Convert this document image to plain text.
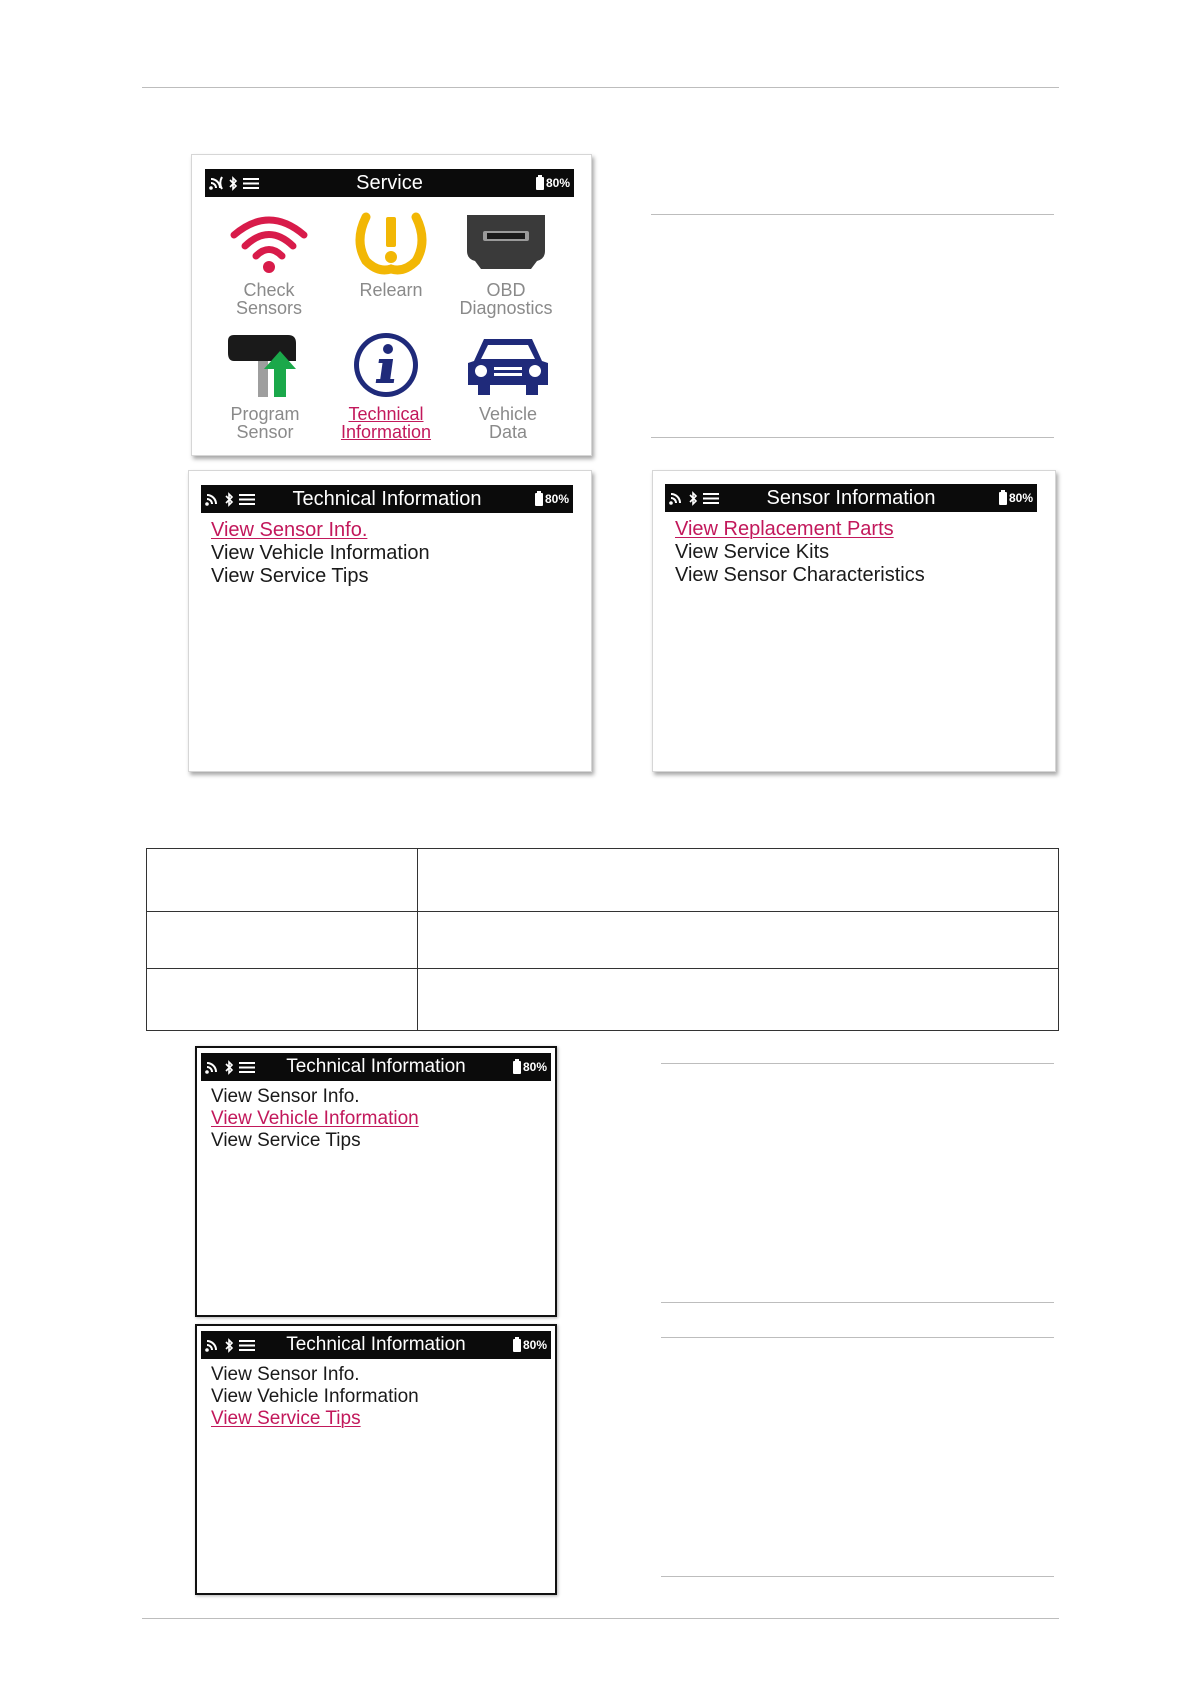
Service	80%
Check
Sensors
Relearn	OBD
Diagnostics
Program
Sensor
Technical
Information
Vehicle
Data
Technical Information	80%
View Sensor Info.
View Vehicle Information
View Service Tips
Sensor Information	80%
View Replacement Parts
View Service Kits
View Sensor Characteristics

Technical Information	80%
View Sensor Info.
View Vehicle Information
View Service Tips
Technical Information	80%
View Sensor Info.
View Vehicle Information
View Service Tips
